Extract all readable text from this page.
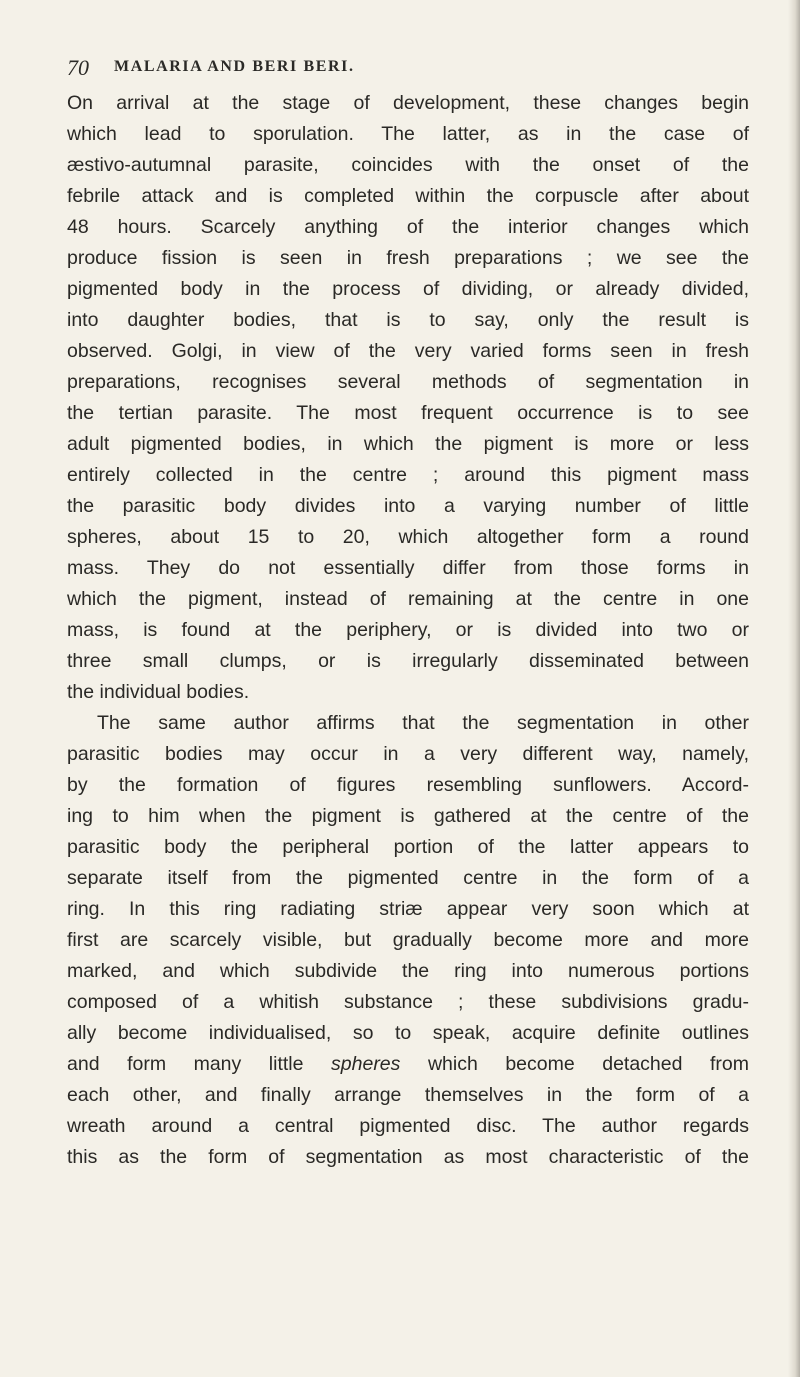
70 MALARIA AND BERI BERI.
On arrival at the stage of development, these changes begin
which lead to sporulation. The latter, as in the case of
æstivo-autumnal parasite, coincides with the onset of the
febrile attack and is completed within the corpuscle after about
48 hours. Scarcely anything of the interior changes which
produce fission is seen in fresh preparations ; we see the
pigmented body in the process of dividing, or already divided,
into daughter bodies, that is to say, only the result is
observed. Golgi, in view of the very varied forms seen in fresh
preparations, recognises several methods of segmentation in
the tertian parasite. The most frequent occurrence is to see
adult pigmented bodies, in which the pigment is more or less
entirely collected in the centre ; around this pigment mass
the parasitic body divides into a varying number of little
spheres, about 15 to 20, which altogether form a round
mass. They do not essentially differ from those forms in
which the pigment, instead of remaining at the centre in one
mass, is found at the periphery, or is divided into two or
three small clumps, or is irregularly disseminated between
the individual bodies.
The same author affirms that the segmentation in other
parasitic bodies may occur in a very different way, namely,
by the formation of figures resembling sunflowers. Accord-
ing to him when the pigment is gathered at the centre of the
parasitic body the peripheral portion of the latter appears to
separate itself from the pigmented centre in the form of a
ring. In this ring radiating striæ appear very soon which at
first are scarcely visible, but gradually become more and more
marked, and which subdivide the ring into numerous portions
composed of a whitish substance ; these subdivisions gradu-
ally become individualised, so to speak, acquire definite outlines
and form many little spheres which become detached from
each other, and finally arrange themselves in the form of a
wreath around a central pigmented disc. The author regards
this as the form of segmentation as most characteristic of the
